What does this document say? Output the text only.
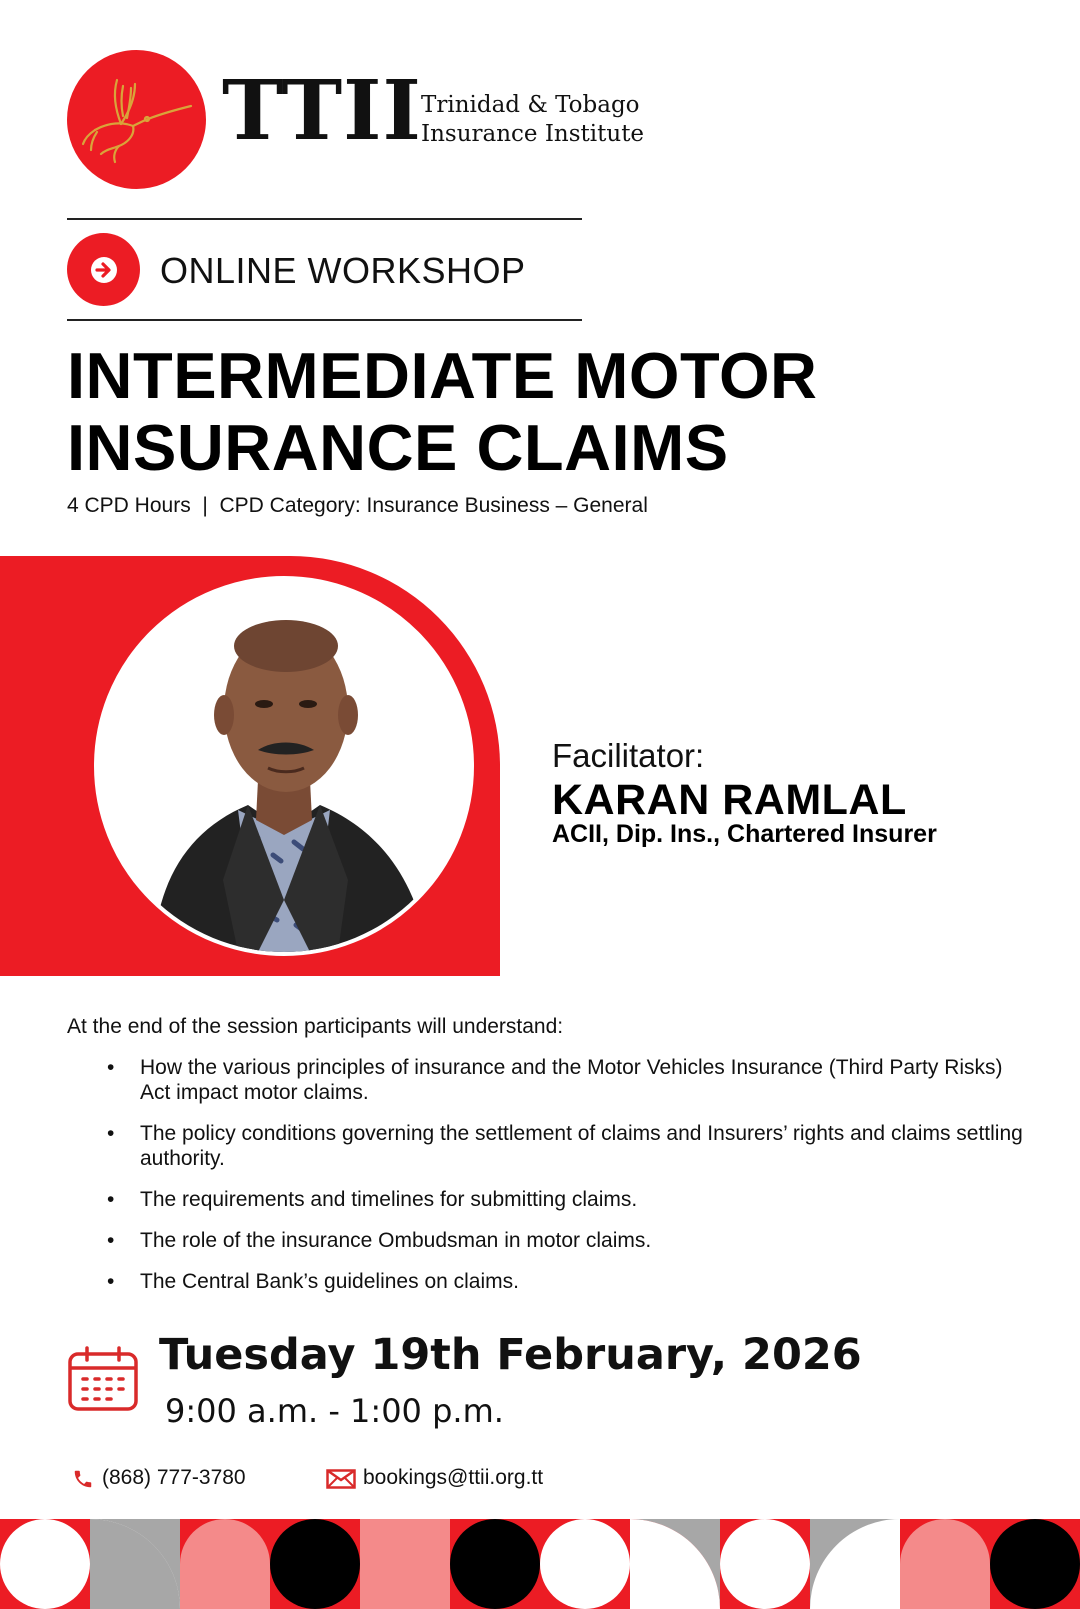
TTII Trinidad & Tobago
Insurance Institute
ONLINE WORKSHOP
INTERMEDIATE MOTOR
INSURANCE CLAIMS
4 CPD Hours  |  CPD Category: Insurance Business – General
Facilitator:
KARAN RAMLAL
ACII, Dip. Ins., Chartered Insurer
At the end of the session participants will understand:
• How the various principles of insurance and the Motor Vehicles Insurance (Third Party Risks) Act impact motor claims.
• The policy conditions governing the settlement of claims and Insurers’ rights and claims settling authority.
• The requirements and timelines for submitting claims.
• The role of the insurance Ombudsman in motor claims.
• The Central Bank’s guidelines on claims.
Tuesday 19th February, 2026
9:00 a.m. - 1:00 p.m.
(868) 777-3780	bookings@ttii.org.tt
